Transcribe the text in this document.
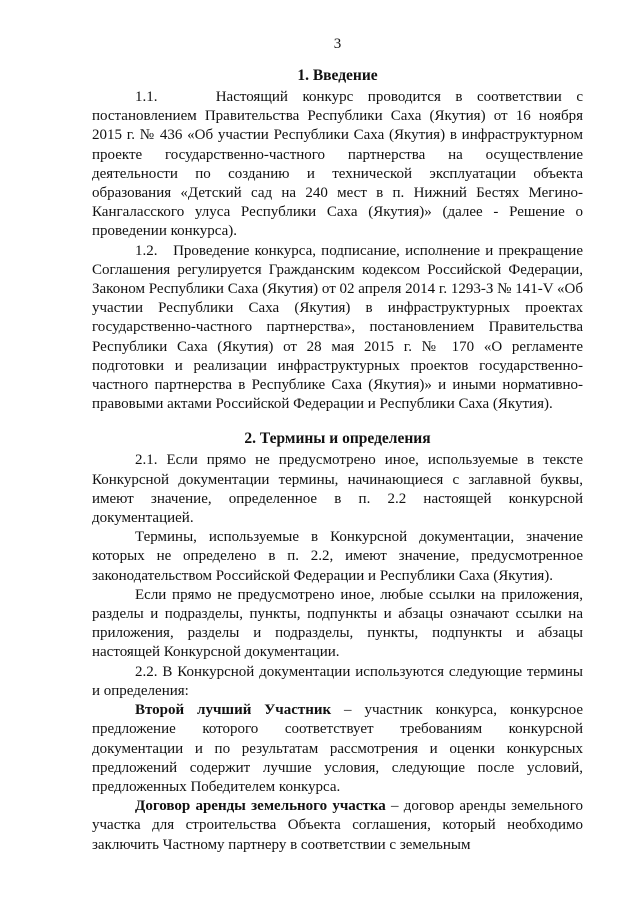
3
1. Введение

1.1.    Настоящий конкурс проводится в соответствии с постановлением Правительства Республики Саха (Якутия) от 16 ноября 2015 г. № 436 «Об участии Республики Саха (Якутия) в инфраструктурном проекте государственно-частного партнерства на осуществление деятельности по созданию и технической эксплуатации объекта образования «Детский сад на 240 мест в п. Нижний Бестях Мегино-Кангаласского улуса Республики Саха (Якутия)» (далее - Решение о проведении конкурса).

1.2.   Проведение конкурса, подписание, исполнение и прекращение Соглашения регулируется Гражданским кодексом Российской Федерации, Законом Республики Саха (Якутия) от 02 апреля 2014 г. 1293-З № 141-V «Об участии Республики Саха (Якутия) в инфраструктурных проектах государственно-частного партнерства», постановлением Правительства Республики Саха (Якутия) от 28 мая 2015 г. № 170 «О регламенте подготовки и реализации инфраструктурных проектов государственно-частного партнерства в Республике Саха (Якутия)» и иными нормативно-правовыми актами Российской Федерации и Республики Саха (Якутия).

2. Термины и определения

2.1. Если прямо не предусмотрено иное, используемые в тексте Конкурсной документации термины, начинающиеся с заглавной буквы, имеют значение, определенное в п. 2.2 настоящей конкурсной документацией.

Термины, используемые в Конкурсной документации, значение которых не определено в п. 2.2, имеют значение, предусмотренное законодательством Российской Федерации и Республики Саха (Якутия).

Если прямо не предусмотрено иное, любые ссылки на приложения, разделы и подразделы, пункты, подпункты и абзацы означают ссылки на приложения, разделы и подразделы, пункты, подпункты и абзацы настоящей Конкурсной документации.

2.2. В Конкурсной документации используются следующие термины и определения:

Второй лучший Участник – участник конкурса, конкурсное предложение которого соответствует требованиям конкурсной документации и по результатам рассмотрения и оценки конкурсных предложений содержит лучшие условия, следующие после условий, предложенных Победителем конкурса.

Договор аренды земельного участка – договор аренды земельного участка для строительства Объекта соглашения, который необходимо заключить Частному партнеру в соответствии с земельным
